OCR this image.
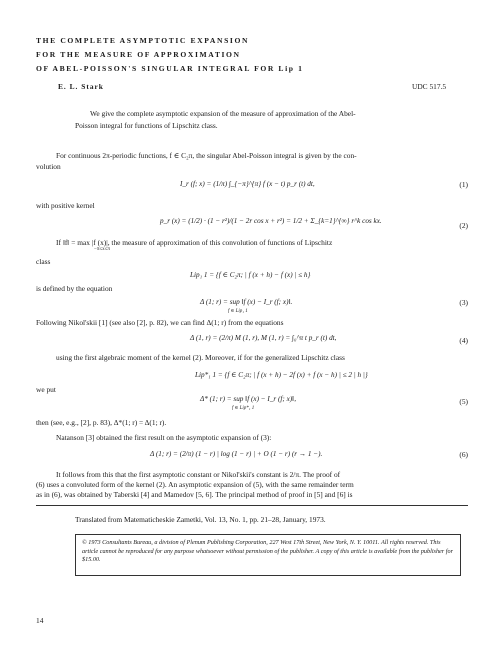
THE COMPLETE ASYMPTOTIC EXPANSION
FOR THE MEASURE OF APPROXIMATION
OF ABEL-POISSON'S SINGULAR INTEGRAL FOR Lip 1
E. L. Stark	UDC 517.5
We give the complete asymptotic expansion of the measure of approximation of the Abel-
Poisson integral for functions of Lipschitz class.
For continuous 2π-periodic functions, f ∈ C₂π, the singular Abel-Poisson integral is given by the con-
volution
I_r (f; x) = (1/π) ∫_{−π}^{π} f (x − t) p_r (t) dt,	(1)
with positive kernel
p_r (x) = (1/2) · (1 − r²)/(1 − 2r cos x + r²) = 1/2 + Σ_{k=1}^{∞} r^k cos kx.	(2)
If ‖f‖ = max |f (x)|, the measure of approximation of this convolution of functions of Lipschitz
−π≤x≤π
class
Lip₁ 1 = {f ∈ C₂π; | f (x + h) − f (x) | ≤ h}
is defined by the equation
Δ (1; r) = sup ‖f (x) − I_r (f; x)‖.
f ∈ Lip₁ 1
(3)
Following Nikol'skii [1] (see also [2], p. 82), we can find Δ(1; r) from the equations
Δ (1, r) = (2/π) M (1, r), M (1, r) = ∫₀^π t p_r (t) dt,	(4)
using the first algebraic moment of the kernel (2). Moreover, if for the generalized Lipschitz class
Lip*₁ 1 = {f ∈ C₂π; | f (x + h) − 2f (x) + f (x − h) | ≤ 2 | h |}
we put
Δ* (1; r) = sup ‖f (x) − I_r (f; x)‖,
f ∈ Lip*₁ 1
(5)
then (see, e.g., [2], p. 83), Δ*(1; r) = Δ(1; r).
Natanson [3] obtained the first result on the asymptotic expansion of (3):
Δ (1; r) = (2/π) (1 − r) | log (1 − r) | + O (1 − r) (r → 1 −).	(6)
It follows from this that the first asymptotic constant or Nikol'skii's constant is 2/π. The proof of
(6) uses a convoluted form of the kernel (2). An asymptotic expansion of (5), with the same remainder term
as in (6), was obtained by Taberski [4] and Mamedov [5, 6]. The principal method of proof in [5] and [6] is
Translated from Matematicheskie Zametki, Vol. 13, No. 1, pp. 21–28, January, 1973.

© 1973 Consultants Bureau, a division of Plenum Publishing Corporation, 227 West 17th Street, New York, N. Y. 10011. All rights reserved. This article cannot be reproduced for any purpose whatsoever without permission of the publisher. A copy of this article is available from the publisher for $15.00.

14
